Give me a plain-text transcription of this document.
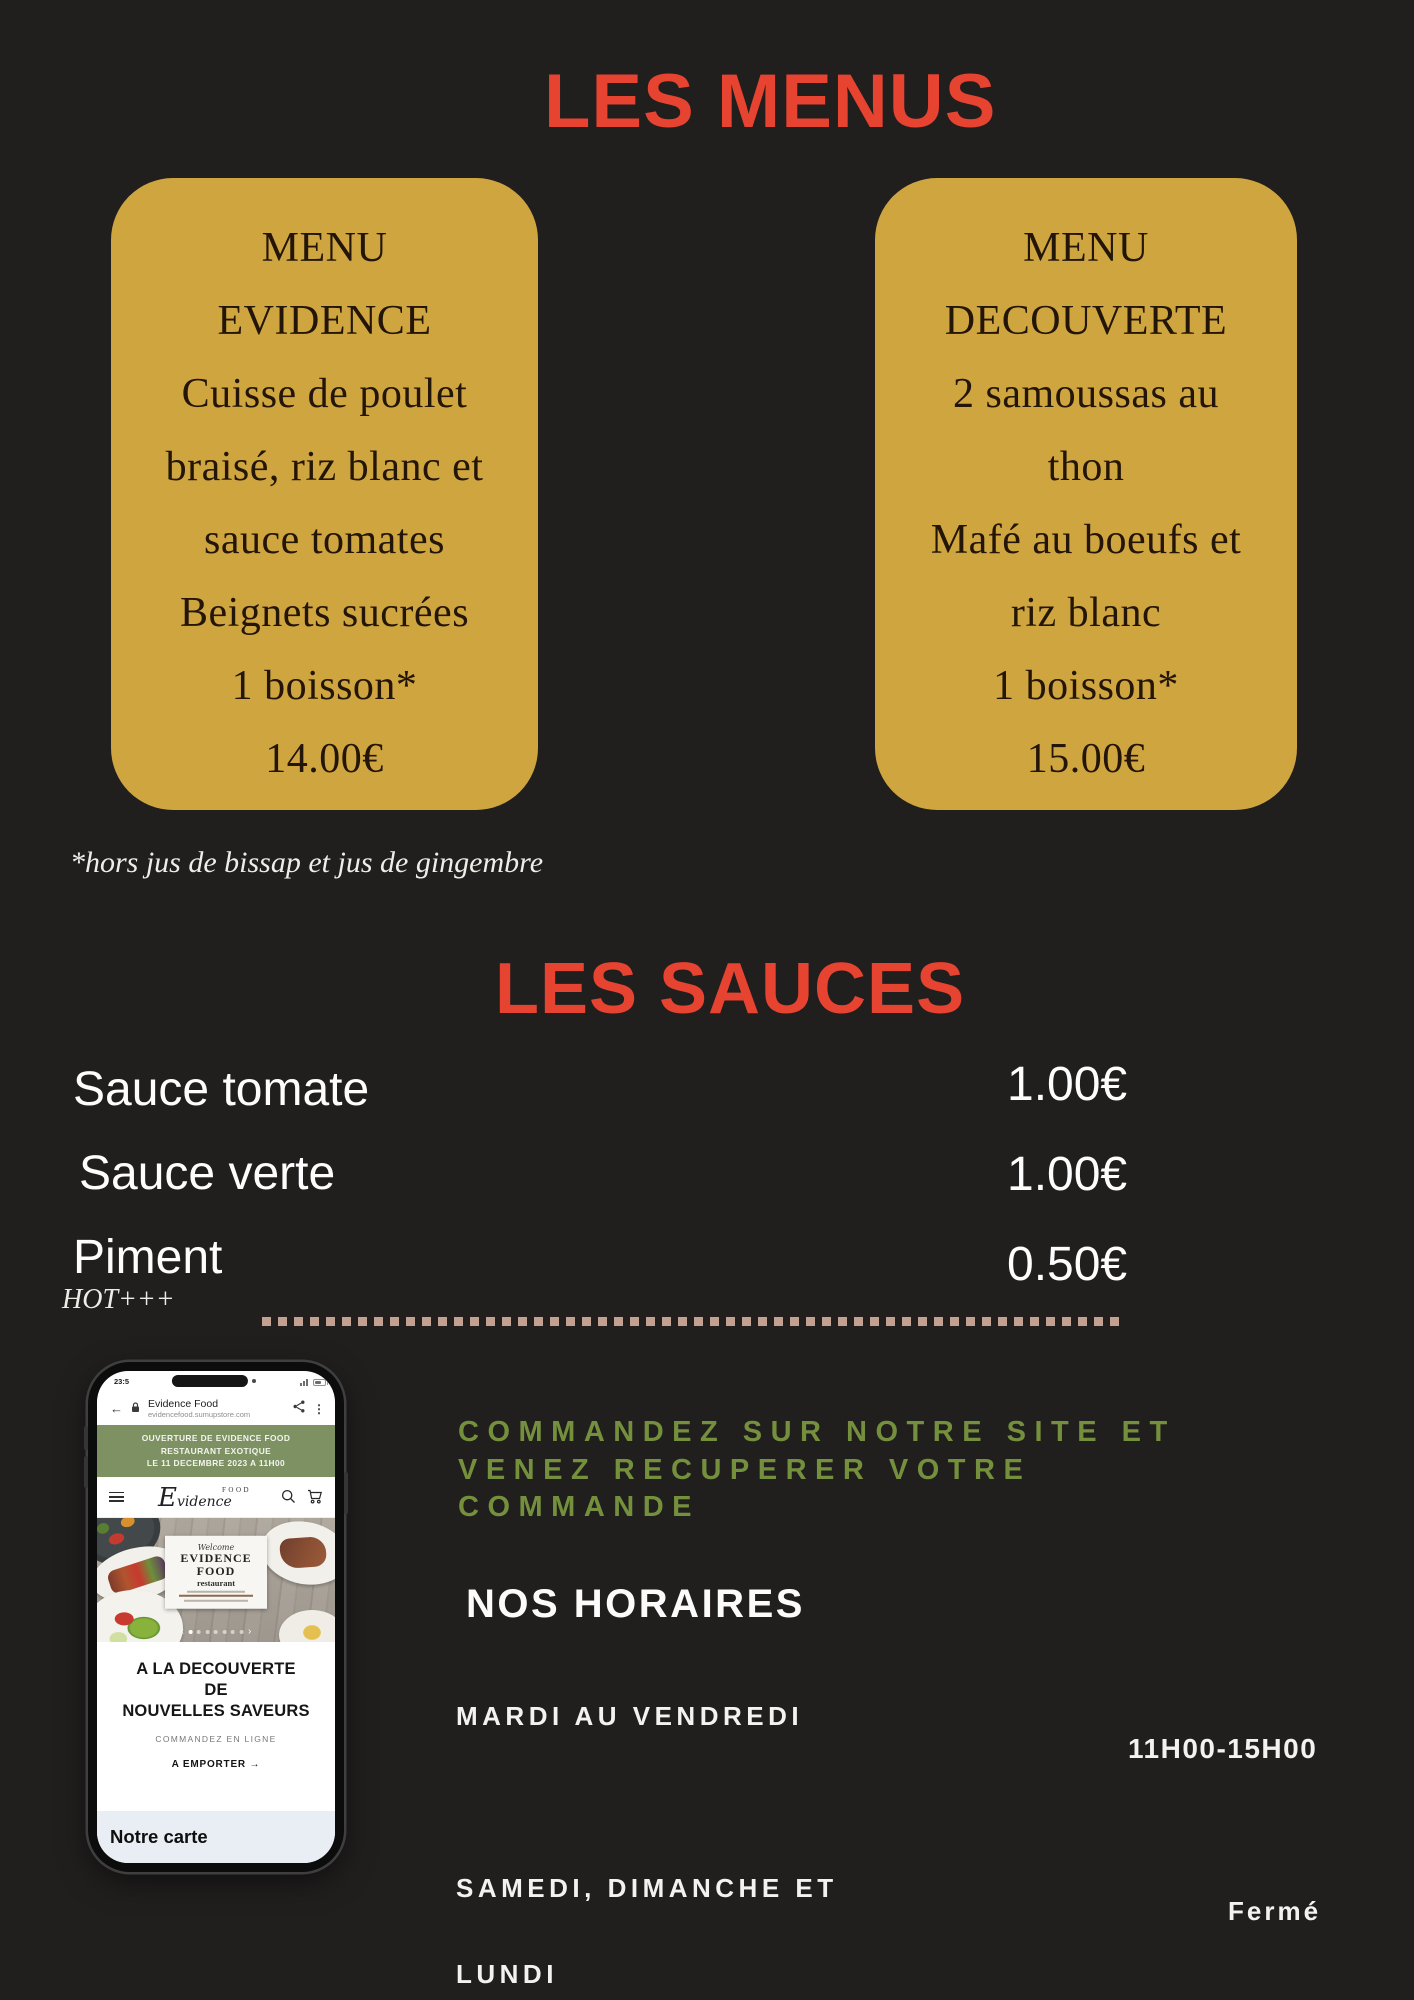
LES MENUS
MENU
EVIDENCE
Cuisse de poulet
braisé, riz blanc et
sauce tomates
Beignets sucrées
1 boisson*
14.00€
MENU
DECOUVERTE
2 samoussas au
thon
Mafé au boeufs et
riz blanc
1 boisson*
15.00€

*hors jus de bissap et jus de gingembre

LES SAUCES
Sauce tomate	1.00€
Sauce verte	1.00€
Piment	0.50€
HOT+++
23:5
← Evidence Food
evidencefood.sumupstore.com	⋮
OUVERTURE DE EVIDENCE FOOD
RESTAURANT EXOTIQUE
LE 11 DECEMBRE 2023 A 11H00
Evidence
FOOD
Welcome
EVIDENCE
FOOD
restaurant
‹	›
A LA DECOUVERTE
DE
NOUVELLES SAVEURS
COMMANDEZ EN LIGNE
A EMPORTER →
Notre carte
COMMANDEZ SUR NOTRE SITE ET
VENEZ RECUPERER VOTRE
COMMANDE
NOS HORAIRES
MARDI AU VENDREDI
11H00-15H00
SAMEDI, DIMANCHE ET
LUNDI
Fermé
